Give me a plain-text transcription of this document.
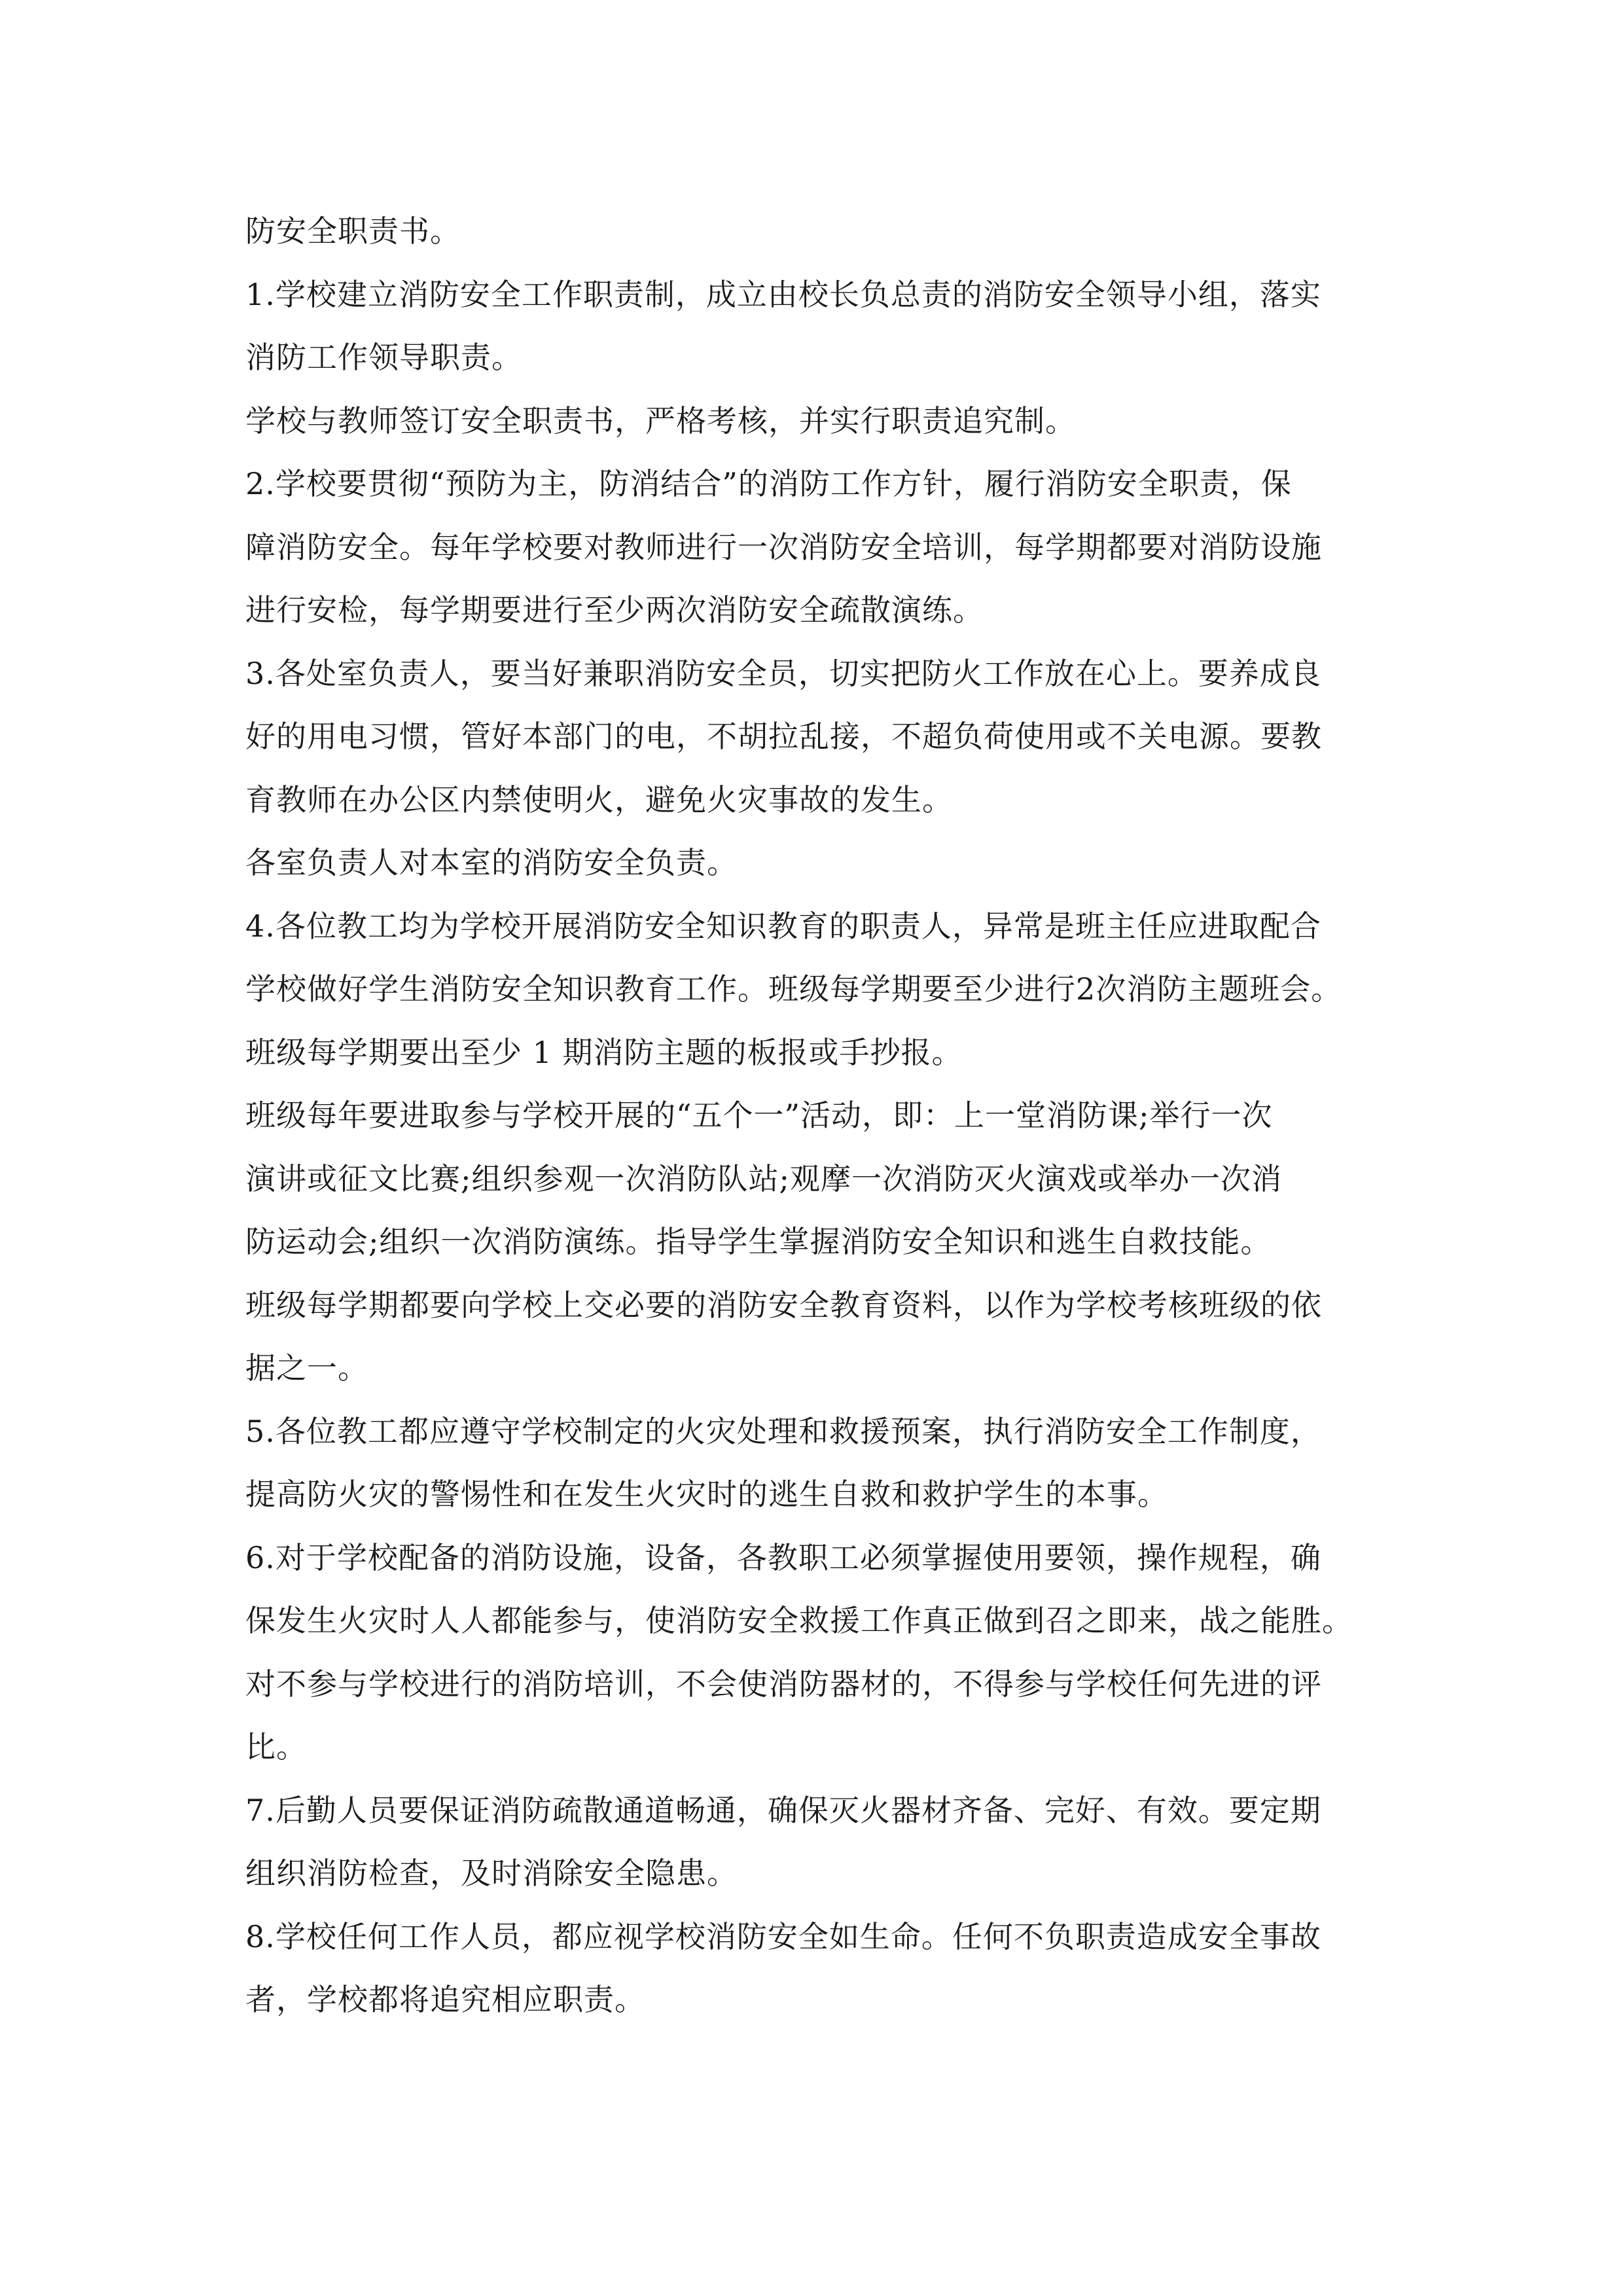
防安全职责书。

1.学校建立消防安全工作职责制，成立由校长负总责的消防安全领导小组，落实
消防工作领导职责。

学校与教师签订安全职责书，严格考核，并实行职责追究制。

2.学校要贯彻“预防为主，防消结合”的消防工作方针，履行消防安全职责，保
障消防安全。每年学校要对教师进行一次消防安全培训，每学期都要对消防设施
进行安检，每学期要进行至少两次消防安全疏散演练。

3.各处室负责人，要当好兼职消防安全员，切实把防火工作放在心上。要养成良
好的用电习惯，管好本部门的电，不胡拉乱接，不超负荷使用或不关电源。要教
育教师在办公区内禁使明火，避免火灾事故的发生。

各室负责人对本室的消防安全负责。

4.各位教工均为学校开展消防安全知识教育的职责人，异常是班主任应进取配合
学校做好学生消防安全知识教育工作。班级每学期要至少进行2次消防主题班会。
班级每学期要出至少 1 期消防主题的板报或手抄报。

班级每年要进取参与学校开展的“五个一”活动，即：上一堂消防课;举行一次
演讲或征文比赛;组织参观一次消防队站;观摩一次消防灭火演戏或举办一次消
防运动会;组织一次消防演练。指导学生掌握消防安全知识和逃生自救技能。

班级每学期都要向学校上交必要的消防安全教育资料，以作为学校考核班级的依
据之一。

5.各位教工都应遵守学校制定的火灾处理和救援预案，执行消防安全工作制度，
提高防火灾的警惕性和在发生火灾时的逃生自救和救护学生的本事。

6.对于学校配备的消防设施，设备，各教职工必须掌握使用要领，操作规程，确
保发生火灾时人人都能参与，使消防安全救援工作真正做到召之即来，战之能胜。
对不参与学校进行的消防培训，不会使消防器材的，不得参与学校任何先进的评
比。

7.后勤人员要保证消防疏散通道畅通，确保灭火器材齐备、完好、有效。要定期
组织消防检查，及时消除安全隐患。

8.学校任何工作人员，都应视学校消防安全如生命。任何不负职责造成安全事故
者，学校都将追究相应职责。
